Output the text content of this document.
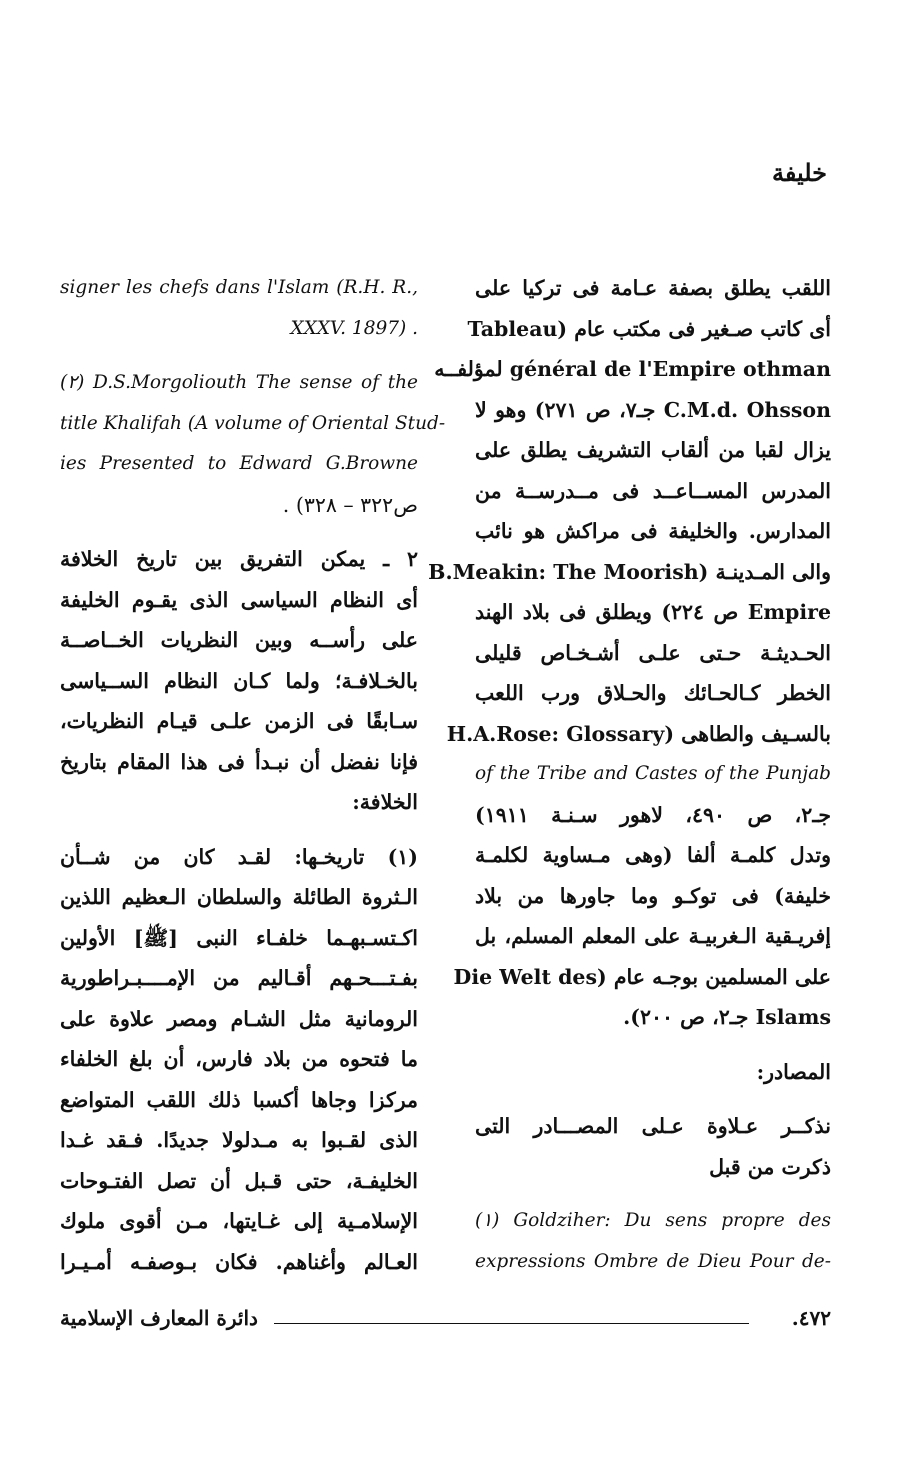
خليفة
اللقب يطلق بصفة عـامة فى تركيا على
أى كاتب صـغير فى مكتب عام (Tableau
général de l'Empire othman لمؤلفــه
C.M.d. Ohsson جـ٧، ص ٢٧١) وهو لا
يزال لقبا من ألقاب التشريف يطلق على
المدرس المســاعــد فى مــدرســة من
المدارس. والخليفة فى مراكش هو نائب
والى المـدينـة (B.Meakin: The Moorish
Empire ص ٢٢٤) ويطلق فى بلاد الهند
الحـديثـة حـتى علـى أشـخـاص قليلى
الخطر كـالحـائك والحـلاق ورب اللعب
بالسـيف والطاهى (H.A.Rose: Glossary
of the Tribe and Castes of the Punjab
جـ٢، ص ٤٩٠، لاهور سـنـة ١٩١١)
وتدل كلمـة ألفا (وهى مـساوية لكلمـة
خليفة) فى توكـو وما جاورها من بلاد
إفريـقية الـغربيـة على المعلم المسلم، بل
على المسلمين بوجـه عام (Die Welt des
Islams جـ٢، ص ٢٠٠).
المصادر:
نذكــر عـلاوة عـلى المصـــادر التى
ذكرت من قبل
(١) Goldziher: Du sens propre des
expressions Ombre de Dieu Pour de-
signer les chefs dans l'Islam (R.H. R.,
XXXV. 1897) .
(٢) D.S.Morgoliouth The sense of the
title Khalifah (A volume of Oriental Stud-
ies Presented to Edward G.Browne
ص٣٢٢ – ٣٢٨) .
٢ ـ يمكن التفريق بين تاريخ الخلافة
أى النظام السياسى الذى يقـوم الخليفة
على رأســه وبين النظريات الخــاصــة
بالخـلافـة؛ ولما كـان النظام الســياسى
سـابقًا فى الزمن علـى قيـام النظريات،
فإنا نفضل أن نبـدأ فى هذا المقام بتاريخ
الخلافة:
(١) تاريخـها: لقـد كان من شــأن
الـثروة الطائلة والسلطان الـعظيم اللذين
اكـتسـبهـما خلفـاء النبى [ﷺ] الأولين
بفـتـــحـهم أقـاليم من الإمــــبـراطورية
الرومانية مثل الشـام ومصر علاوة على
ما فتحوه من بلاد فارس، أن بلغ الخلفاء
مركزا وجاها أكسبا ذلك اللقب المتواضع
الذى لقـبوا به مـدلولا جديدًا. فـقد غـدا
الخليفـة، حتى قـبل أن تصل الفتـوحات
الإسلامـية إلى غـايتها، مـن أقوى ملوك
العـالم وأغناهم. فكان بـوصفـه أمـيـرا
دائرة المعارف الإسلامية	٤٧٢.
